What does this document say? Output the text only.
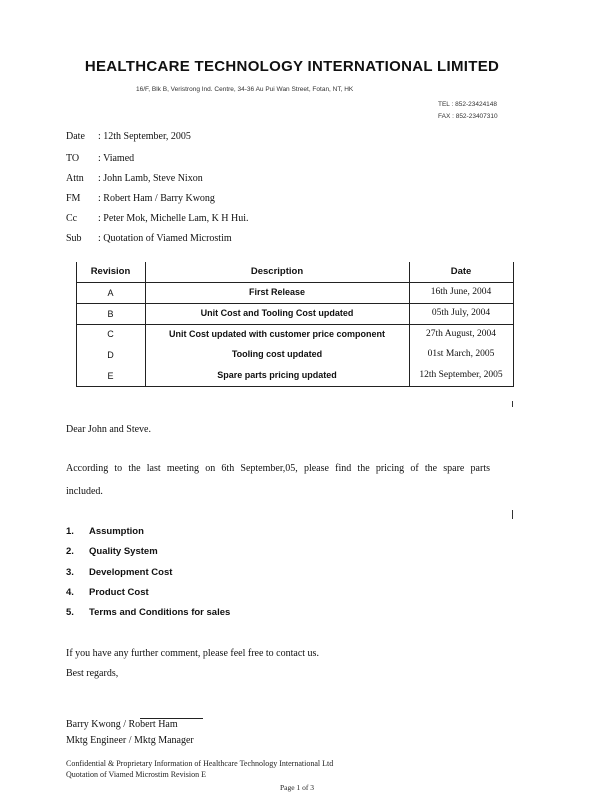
HEALTHCARE TECHNOLOGY INTERNATIONAL LIMITED
16/F, Blk B, Veristrong Ind. Centre, 34-36 Au Pui Wan Street, Fotan, NT, HK
TEL : 852-23424148
FAX : 852-23407310
Date : 12th September, 2005
TO : Viamed
Attn : John Lamb, Steve Nixon
FM : Robert Ham / Barry Kwong
Cc : Peter Mok, Michelle Lam, K H Hui.
Sub : Quotation of Viamed Microstim
Revision	Description	Date
A	First Release	16th June, 2004
B	Unit Cost and Tooling Cost updated	05th July, 2004
C	Unit Cost updated with customer price component	27th August, 2004
D	Tooling cost updated	01st March, 2005
E	Spare parts pricing updated	12th September, 2005
Dear John and Steve.
According to the last meeting on 6th September,05, please find the pricing of the spare parts
included.
1. Assumption
2. Quality System
3. Development Cost
4. Product Cost
5. Terms and Conditions for sales
If you have any further comment, please feel free to contact us.
Best regards,
Barry Kwong / Robert Ham
Mktg Engineer / Mktg Manager
Confidential & Proprietary Information of Healthcare Technology International Ltd
Quotation of Viamed Microstim Revision E
Page 1 of 3
